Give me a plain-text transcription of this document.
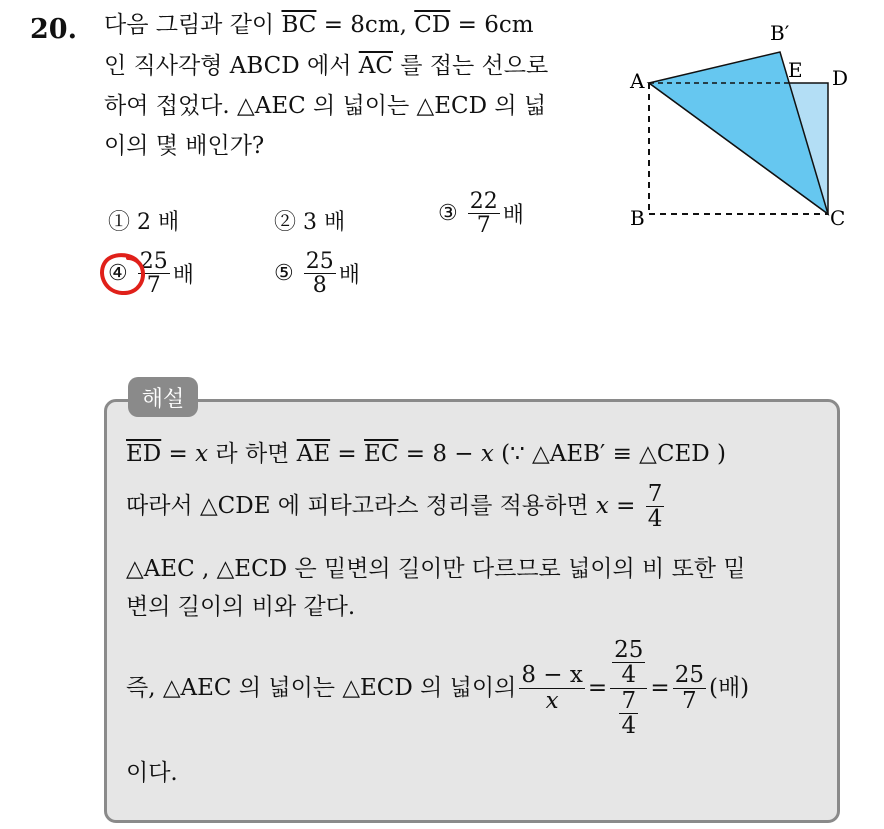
20. 다음 그림과 같이 $\overline{BC} = 8cm$, $\overline{CD} = 6cm$
인 직사각형 ABCD 에서 $\overline{AC}$ 를 접는 선으로
하여 접었다. △AEC 의 넓이는 △ECD 의 넓
이의 몇 배인가?
① 2 배	② 3 배	③ $\frac{22}{7}$ 배
④ $\frac{25}{7}$ 배	⑤ $\frac{25}{8}$ 배
A
B	C
D
E
B′
해설
$\overline{ED} = x$ 라 하면 $\overline{AE} = \overline{EC} = 8 - x$ (∵ △AEB′ ≡ △CED )
따라서 △CDE 에 피타고라스 정리를 적용하면 $x = \frac{7}{4}$
△AEC , △ECD 은 밑변의 길이만 다르므로 넓이의 비 또한 밑
변의 길이의 비와 같다.
즉, △AEC 의 넓이는 △ECD 의 넓이의 $\frac{8 - x}{x} = \frac{\frac{25}{4}}{\frac{7}{4}} = \frac{25}{7}$ (배)
이다.
